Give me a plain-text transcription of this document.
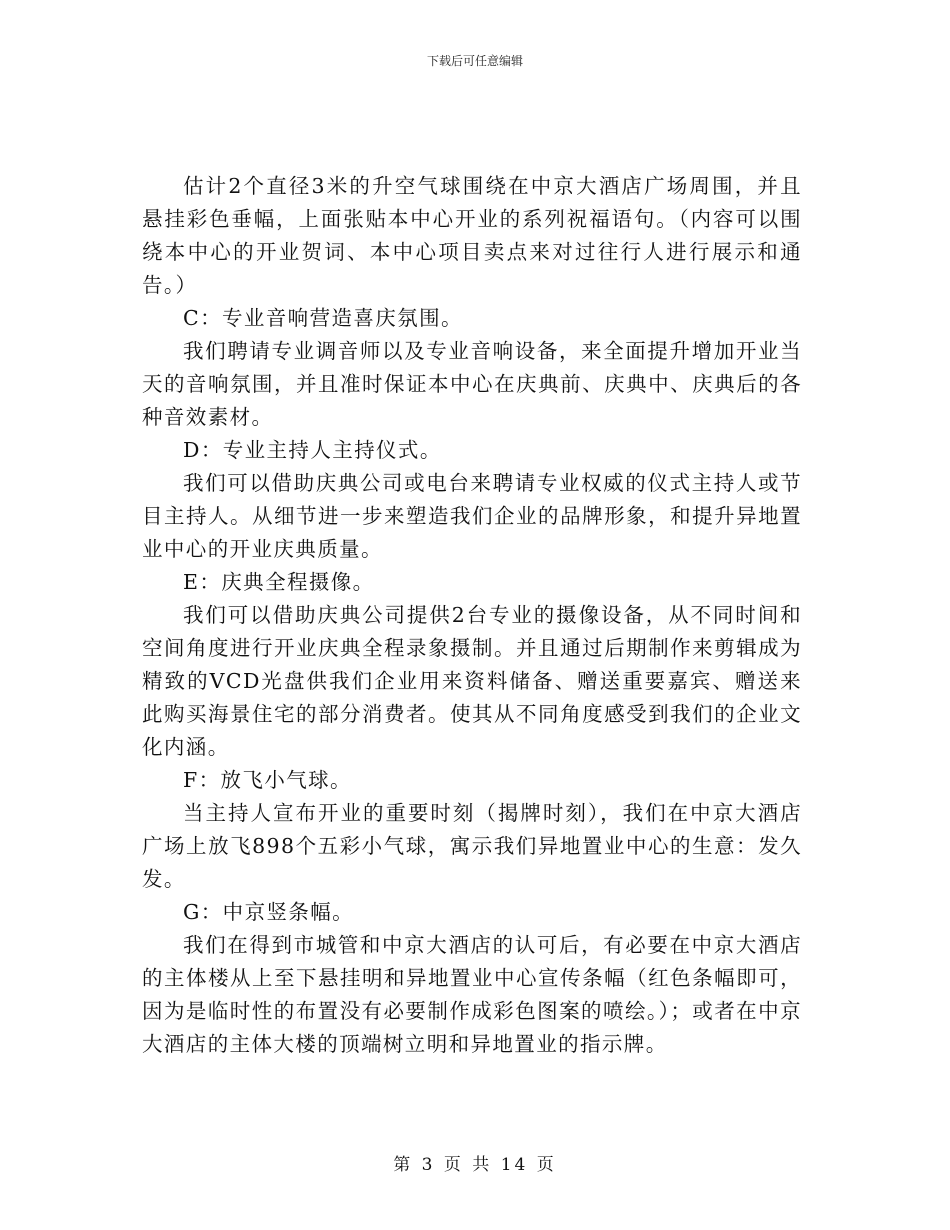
下载后可任意编辑

估计2个直径3米的升空气球围绕在中京大酒店广场周围，并且悬挂彩色垂幅，上面张贴本中心开业的系列祝福语句。（内容可以围绕本中心的开业贺词、本中心项目卖点来对过往行人进行展示和通告。）

C：专业音响营造喜庆氛围。

我们聘请专业调音师以及专业音响设备，来全面提升增加开业当天的音响氛围，并且准时保证本中心在庆典前、庆典中、庆典后的各种音效素材。

D：专业主持人主持仪式。

我们可以借助庆典公司或电台来聘请专业权威的仪式主持人或节目主持人。从细节进一步来塑造我们企业的品牌形象，和提升异地置业中心的开业庆典质量。

E：庆典全程摄像。

我们可以借助庆典公司提供2台专业的摄像设备，从不同时间和空间角度进行开业庆典全程录象摄制。并且通过后期制作来剪辑成为精致的VCD光盘供我们企业用来资料储备、赠送重要嘉宾、赠送来此购买海景住宅的部分消费者。使其从不同角度感受到我们的企业文化内涵。

F：放飞小气球。

当主持人宣布开业的重要时刻（揭牌时刻），我们在中京大酒店广场上放飞898个五彩小气球，寓示我们异地置业中心的生意：发久发。

G：中京竖条幅。

我们在得到市城管和中京大酒店的认可后，有必要在中京大酒店的主体楼从上至下悬挂明和异地置业中心宣传条幅（红色条幅即可，因为是临时性的布置没有必要制作成彩色图案的喷绘。）；或者在中京大酒店的主体大楼的顶端树立明和异地置业的指示牌。

第 3 页 共 14 页
